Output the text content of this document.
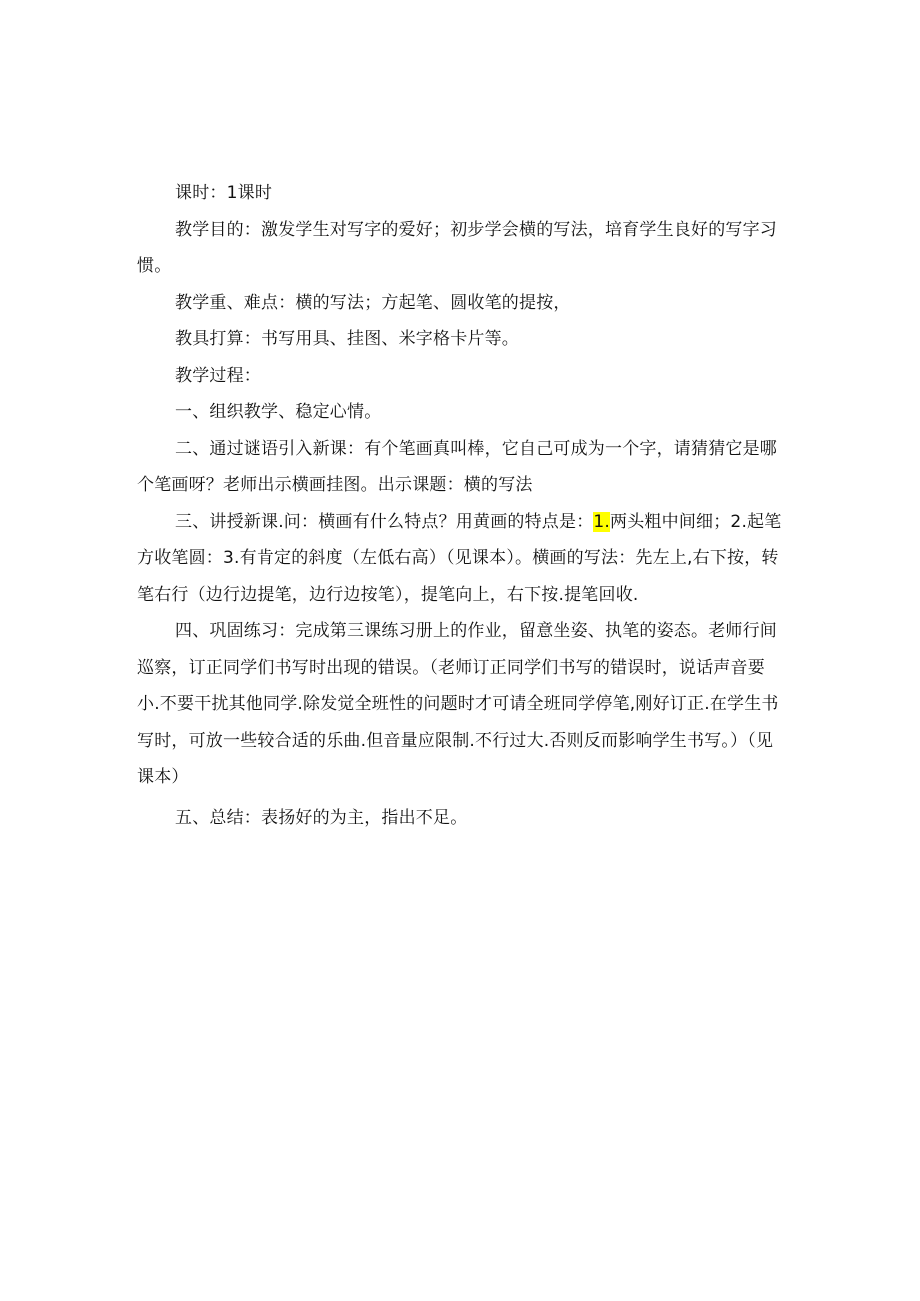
课时：1课时

教学目的：激发学生对写字的爱好；初步学会横的写法，培育学生良好的写字习惯。

教学重、难点：横的写法；方起笔、圆收笔的提按，

教具打算：书写用具、挂图、米字格卡片等。

教学过程：

一、组织教学、稳定心情。

二、通过谜语引入新课：有个笔画真叫棒，它自己可成为一个字，请猜猜它是哪个笔画呀？老师出示横画挂图。出示课题：横的写法

三、讲授新课.问：横画有什么特点？用黄画的特点是：1.两头粗中间细；2.起笔方收笔圆：3.有肯定的斜度（左低右高）（见课本）。横画的写法：先左上,右下按，转笔右行（边行边提笔，边行边按笔），提笔向上，右下按.提笔回收.

四、巩固练习：完成第三课练习册上的作业，留意坐姿、执笔的姿态。老师行间巡察，订正同学们书写时出现的错误。（老师订正同学们书写的错误时，说话声音要小.不要干扰其他同学.除发觉全班性的问题时才可请全班同学停笔,刚好订正.在学生书写时，可放一些较合适的乐曲.但音量应限制.不行过大.否则反而影响学生书写。）（见课本）

五、总结：表扬好的为主，指出不足。
